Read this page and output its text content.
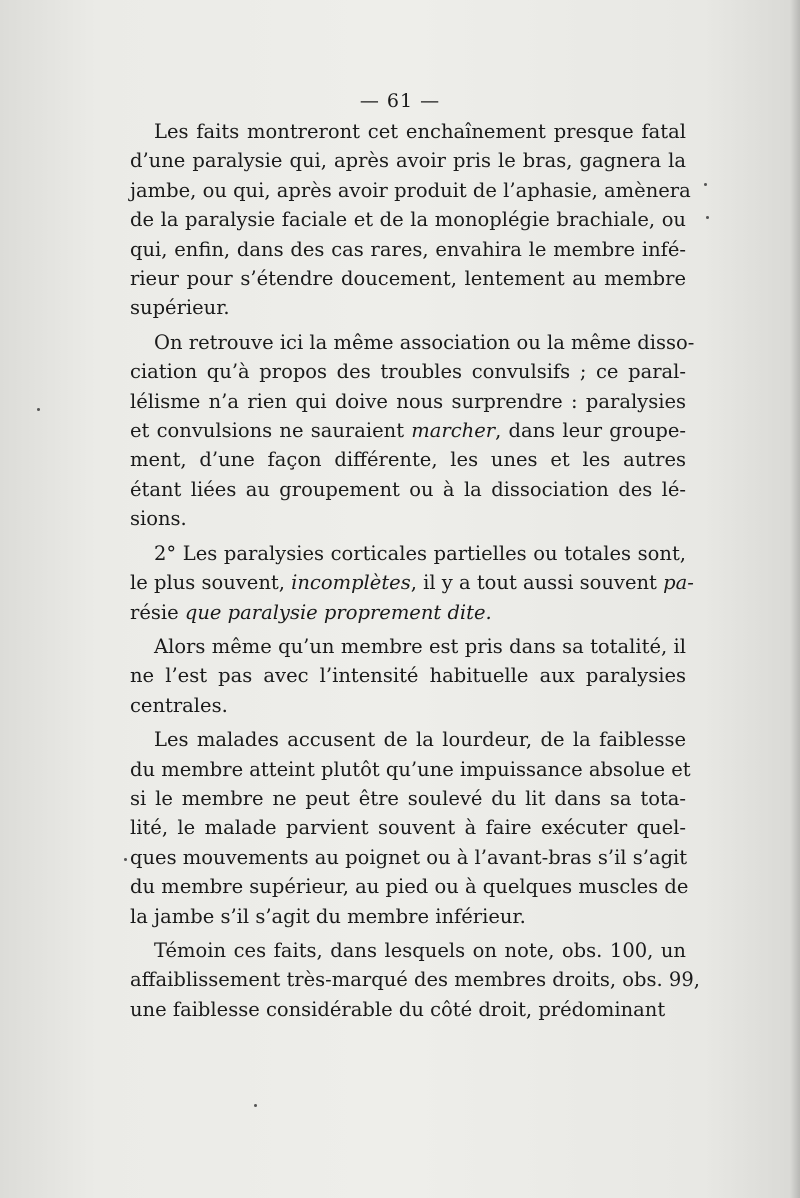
— 61 —
Les faits montreront cet enchaînement presque fatal
d’une paralysie qui, après avoir pris le bras, gagnera la
jambe, ou qui, après avoir produit de l’aphasie, amènera
de la paralysie faciale et de la monoplégie brachiale, ou
qui, enfin, dans des cas rares, envahira le membre infé-
rieur pour s’étendre doucement, lentement au membre
supérieur.
On retrouve ici la même association ou la même disso-
ciation qu’à propos des troubles convulsifs ; ce paral-
lélisme n’a rien qui doive nous surprendre : paralysies
et convulsions ne sauraient marcher, dans leur groupe-
ment, d’une façon différente, les unes et les autres
étant liées au groupement ou à la dissociation des lé-
sions.
2° Les paralysies corticales partielles ou totales sont,
le plus souvent, incomplètes, il y a tout aussi souvent pa-
résie que paralysie proprement dite.
Alors même qu’un membre est pris dans sa totalité, il
ne l’est pas avec l’intensité habituelle aux paralysies
centrales.
Les malades accusent de la lourdeur, de la faiblesse
du membre atteint plutôt qu’une impuissance absolue et
si le membre ne peut être soulevé du lit dans sa tota-
lité, le malade parvient souvent à faire exécuter quel-
ques mouvements au poignet ou à l’avant-bras s’il s’agit
du membre supérieur, au pied ou à quelques muscles de
la jambe s’il s’agit du membre inférieur.
Témoin ces faits, dans lesquels on note, obs. 100, un
affaiblissement très-marqué des membres droits, obs. 99,
une faiblesse considérable du côté droit, prédominant
